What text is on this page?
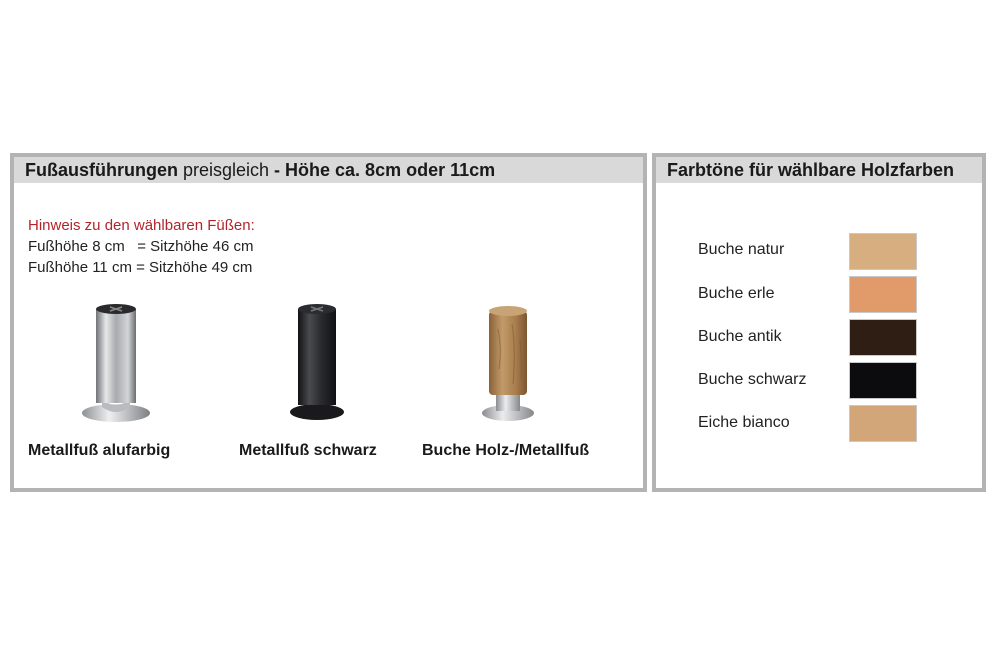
Fußausführungen preisgleich - Höhe ca. 8cm oder 11cm
Hinweis zu den wählbaren Füßen:
Fußhöhe 8 cm   = Sitzhöhe 46 cm
Fußhöhe 11 cm = Sitzhöhe 49 cm
Metallfuß alufarbig	Metallfuß schwarz	Buche Holz-/Metallfuß
Farbtöne für wählbare Holzfarben
Buche natur
Buche erle
Buche antik
Buche schwarz
Eiche bianco
